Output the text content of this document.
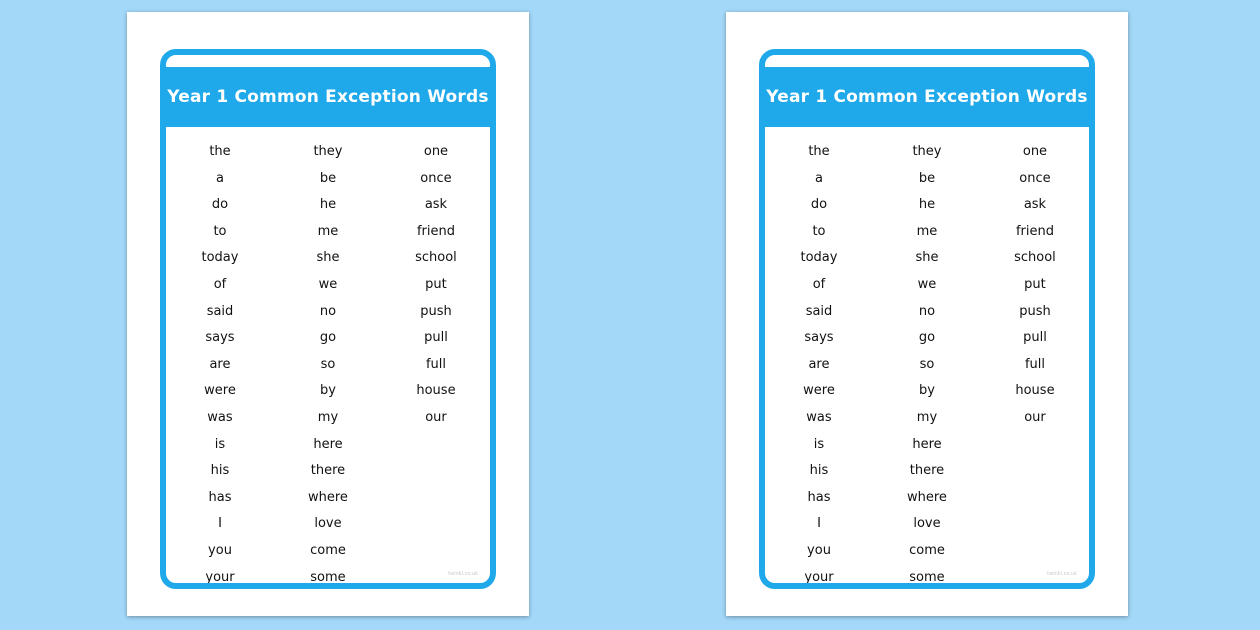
Year 1 Common Exception Words
the
a
do
to
today
of
said
says
are
were
was
is
his
has
I
you
your
they
be
he
me
she
we
no
go
so
by
my
here
there
where
love
come
some
one
once
ask
friend
school
put
push
pull
full
house
our
twinkl.co.uk
Year 1 Common Exception Words
the
a
do
to
today
of
said
says
are
were
was
is
his
has
I
you
your
they
be
he
me
she
we
no
go
so
by
my
here
there
where
love
come
some
one
once
ask
friend
school
put
push
pull
full
house
our
twinkl.co.uk
